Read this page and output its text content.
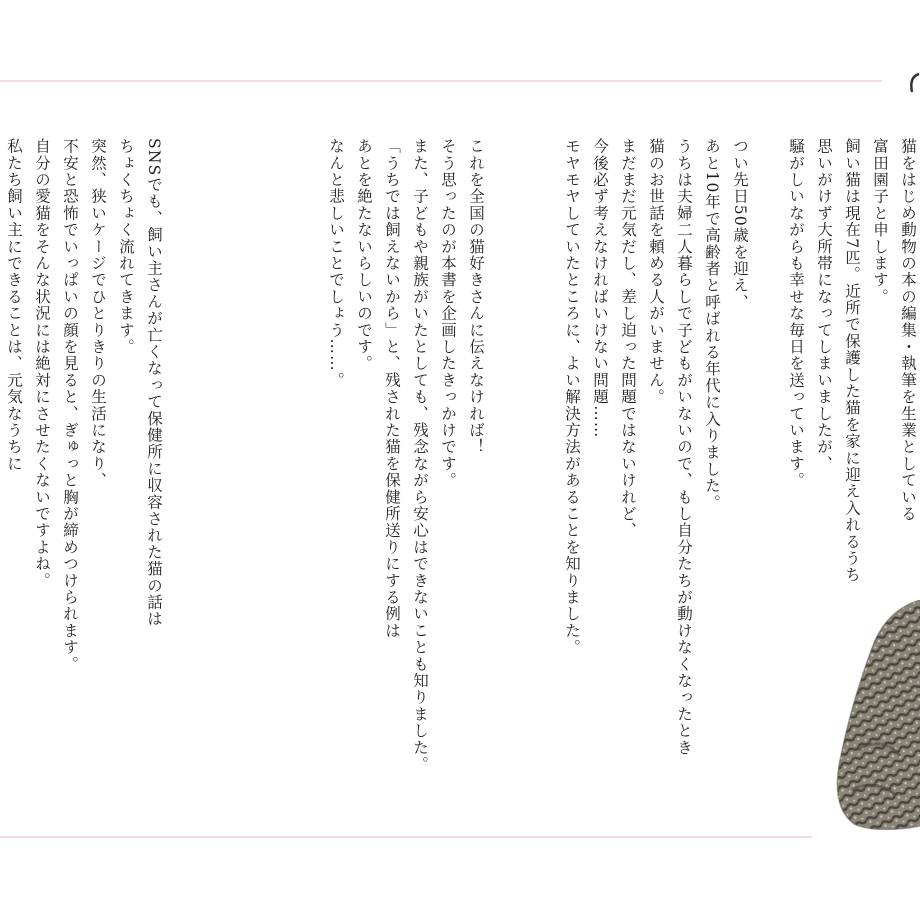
猫をはじめ動物の本の編集・執筆を生業としている
富田園子と申します。
飼い猫は現在7匹。近所で保護した猫を家に迎え入れるうち
思いがけず大所帯になってしまいましたが、
騒がしいながらも幸せな毎日を送っています。
つい先日50歳を迎え、
あと10年で高齢者と呼ばれる年代に入りました。
うちは夫婦二人暮らしで子どもがいないので、もし自分たちが動けなくなったとき
猫のお世話を頼める人がいません。
まだまだ元気だし、差し迫った問題ではないけれど、
今後必ず考えなければいけない問題……
モヤモヤしていたところに、よい解決方法があることを知りました。
これを全国の猫好きさんに伝えなければ！
そう思ったのが本書を企画したきっかけです。
また、子どもや親族がいたとしても、残念ながら安心はできないことも知りました。
「うちでは飼えないから」と、残された猫を保健所送りにする例は
あとを絶たないらしいのです。
なんと悲しいことでしょう……。
SNSでも、飼い主さんが亡くなって保健所に収容された猫の話は
ちょくちょく流れてきます。
突然、狭いケージでひとりきりの生活になり、
不安と恐怖でいっぱいの顔を見ると、ぎゅっと胸が締めつけられます。
自分の愛猫をそんな状況には絶対にさせたくないですよね。
私たち飼い主にできることは、元気なうちに
